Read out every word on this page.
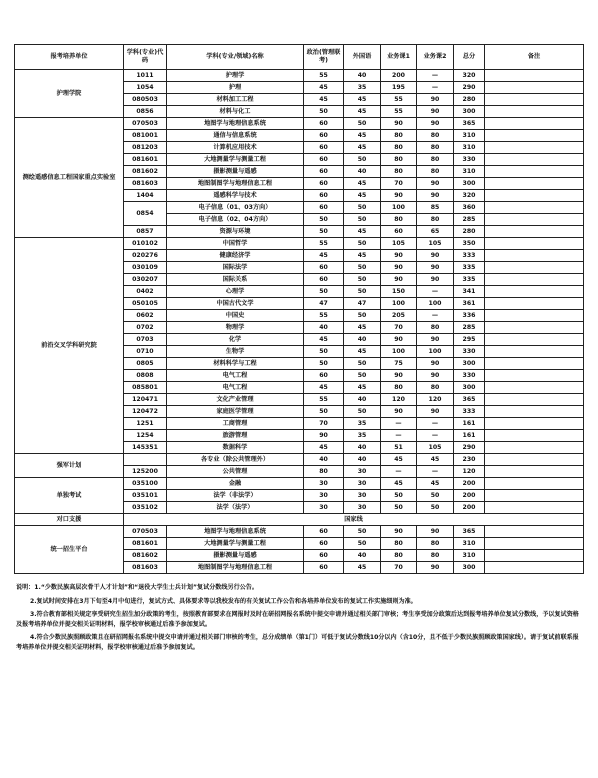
报考培养单位	学科(专业)代码	学科(专业/领域)名称	政治(管理联考)	外国语	业务课1	业务课2	总分	备注
护理学院	1011	护理学	55	40	200	—	320	
	1054	护理	45	35	195	—	290	
	080503	材料加工工程	45	45	55	90	280	
	0856	材料与化工	50	45	55	90	300	
测绘遥感信息工程国家重点实验室	070503	地图学与地理信息系统	60	50	90	90	365	
	081001	通信与信息系统	60	45	80	80	310	
	081203	计算机应用技术	60	45	80	80	310	
	081601	大地测量学与测量工程	60	50	80	80	330	
	081602	摄影测量与遥感	60	40	80	80	310	
	081603	地图制图学与地理信息工程	60	45	70	90	300	
	1404	遥感科学与技术	60	45	90	90	320	
	0854	电子信息（01、03方向）	60	50	100	85	360	
		电子信息（02、04方向）	50	50	80	80	285	
	0857	资源与环境	50	45	60	65	280	
前沿交叉学科研究院	010102	中国哲学	55	50	105	105	350	
	020276	健康经济学	45	45	90	90	333	
	030109	国际法学	60	50	90	90	335	
	030207	国际关系	60	50	90	90	335	
	0402	心理学	50	50	150	—	341	
	050105	中国古代文学	47	47	100	100	361	
	0602	中国史	55	50	205	—	336	
	0702	物理学	40	45	70	80	285	
	0703	化学	45	40	90	90	295	
	0710	生物学	50	45	100	100	330	
	0805	材料科学与工程	50	50	75	90	300	
	0808	电气工程	60	50	90	90	330	
	085801	电气工程	45	45	80	80	300	
	120471	文化产业管理	55	40	120	120	365	
	120472	家庭医学管理	50	50	90	90	333	
	1251	工商管理	70	35	—	—	161	
	1254	旅游管理	90	35	—	—	161	
	145351	数据科学	45	40	51	105	290	
强军计划		各专业（除公共管理外）	40	40	45	45	230	
	125200	公共管理	80	30	—	—	120	
单独考试	035100	金融	30	30	45	45	200	
	035101	法学（非法学）	30	30	50	50	200	
	035102	法学（法学）	30	30	50	50	200	
对口支援	国家线							
统一招生平台	070503	地图学与地理信息系统	60	50	90	90	365	
	081601	大地测量学与测量工程	60	50	80	80	310	
	081602	摄影测量与遥感	60	40	80	80	310	
	081603	地图制图学与地理信息工程	60	45	70	90	300	

说明：1.“少数民族高层次骨干人才计划”和“退役大学生士兵计划”复试分数线另行公告。

2.复试时间安排在3月下旬至4月中旬进行，复试方式、具体要求等以我校发布的有关复试工作公告和各培养单位发布的复试工作实施细则为准。

3.符合教育部相关规定享受研究生招生加分政策的考生，按照教育部要求在网报时及时在研招网报名系统中提交申请并通过相关部门审核；考生享受加分政策后达到报考培养单位复试分数线，予以复试资格及报考培养单位并提交相关证明材料，报学校审核通过后准予参加复试。

4.符合少数民族照顾政策且在研招网报名系统中提交申请并通过相关部门审核的考生，总分成绩单（第1门）可低于复试分数线10分以内（含10分，且不低于少数民族照顾政策国家线）。请于复试前联系报考培养单位并提交相关证明材料，报学校审核通过后准予参加复试。
